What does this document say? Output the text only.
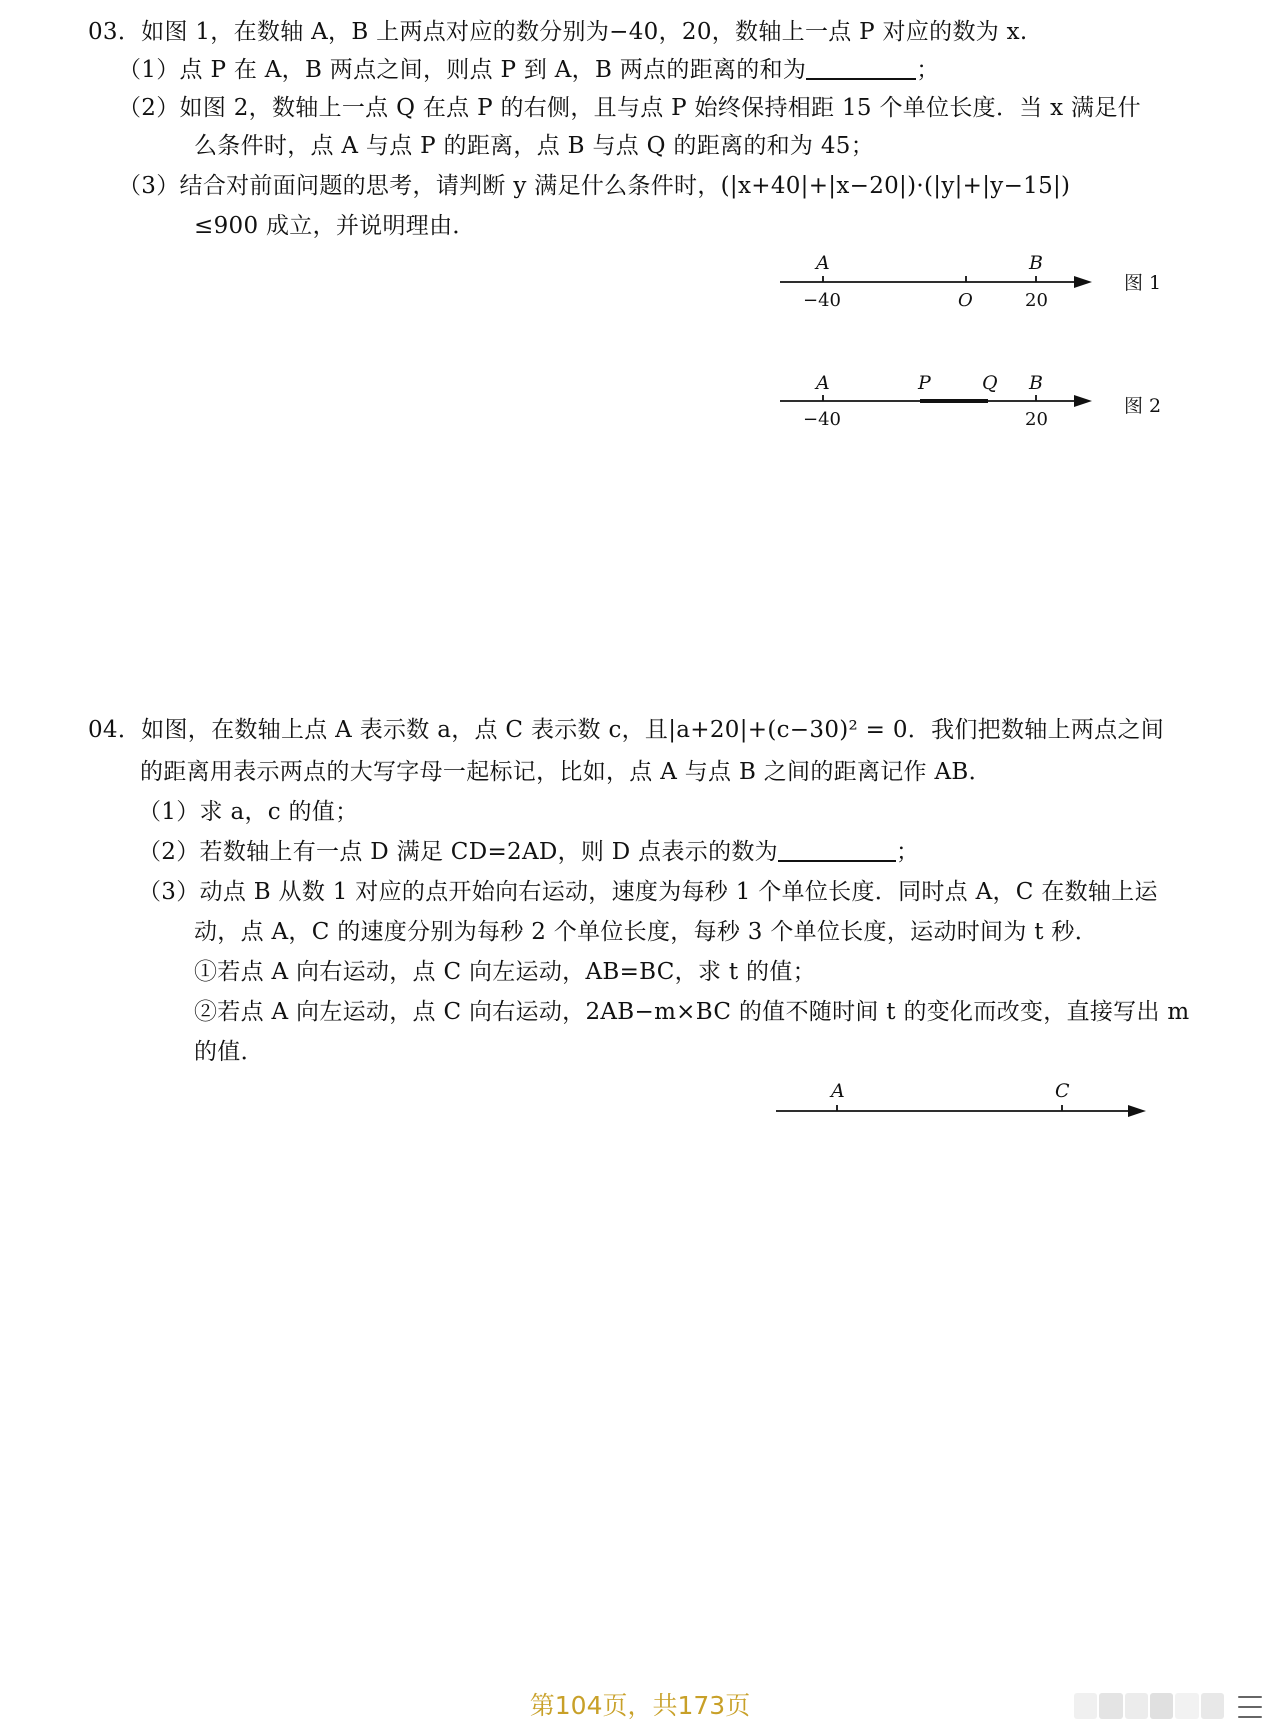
03．如图 1，在数轴 A，B 上两点对应的数分别为−40，20，数轴上一点 P 对应的数为 x.
（1）点 P 在 A，B 两点之间，则点 P 到 A，B 两点的距离的和为	；
（2）如图 2，数轴上一点 Q 在点 P 的右侧，且与点 P 始终保持相距 15 个单位长度．当 x 满足什
么条件时，点 A 与点 P 的距离，点 B 与点 Q 的距离的和为 45；
（3）结合对前面问题的思考，请判断 y 满足什么条件时，(|x+40|+|x−20|)·(|y|+|y−15|)
≤900 成立，并说明理由．
A	B
−40	O	20
图 1
A	P	Q B
−40	20
图 2
04．如图，在数轴上点 A 表示数 a，点 C 表示数 c，且|a+20|+(c−30)² = 0．我们把数轴上两点之间
的距离用表示两点的大写字母一起标记，比如，点 A 与点 B 之间的距离记作 AB．
（1）求 a，c 的值；
（2）若数轴上有一点 D 满足 CD=2AD，则 D 点表示的数为	；
（3）动点 B 从数 1 对应的点开始向右运动，速度为每秒 1 个单位长度．同时点 A，C 在数轴上运
动，点 A，C 的速度分别为每秒 2 个单位长度，每秒 3 个单位长度，运动时间为 t 秒．
①若点 A 向右运动，点 C 向左运动，AB=BC，求 t 的值；
②若点 A 向左运动，点 C 向右运动，2AB−m×BC 的值不随时间 t 的变化而改变，直接写出 m
的值．
A	C
第104页，共173页
